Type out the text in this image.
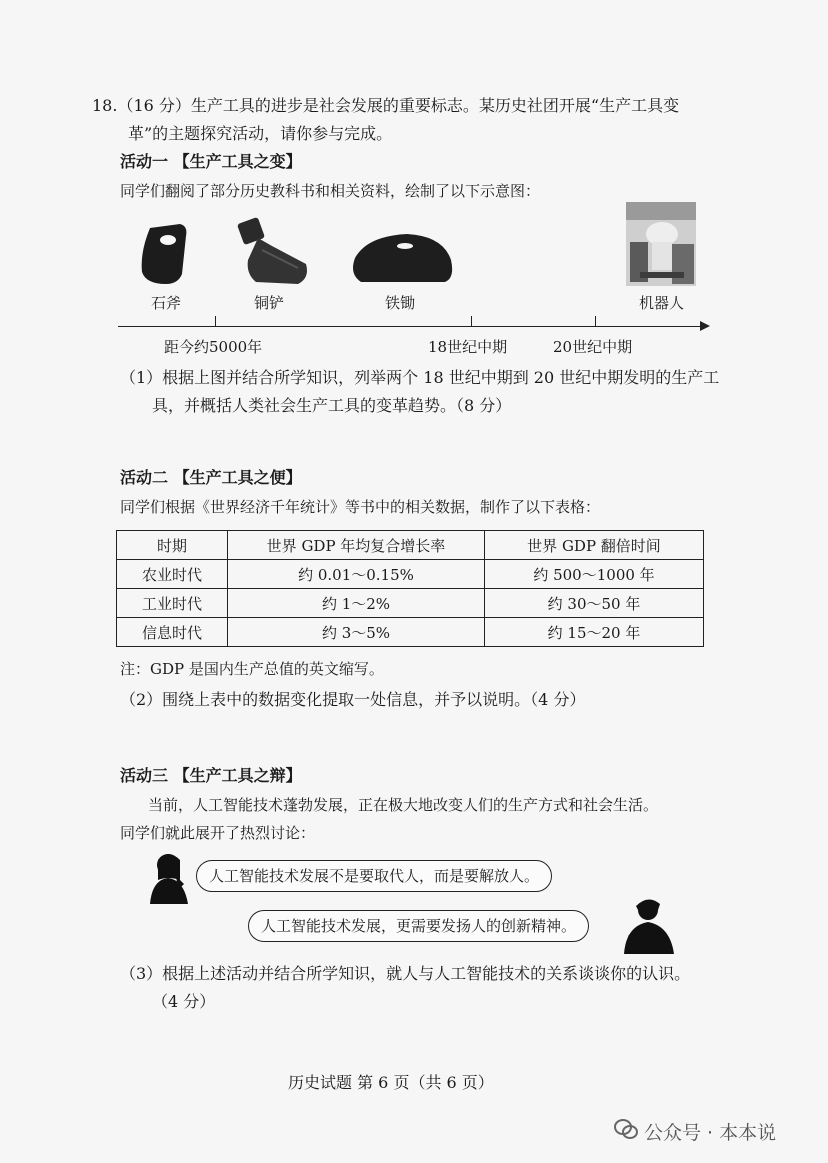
18.（16 分）生产工具的进步是社会发展的重要标志。某历史社团开展“生产工具变
革”的主题探究活动，请你参与完成。
活动一 【生产工具之变】
同学们翻阅了部分历史教科书和相关资料，绘制了以下示意图：
石斧	铜铲	铁锄	机器人
距今约5000年	18世纪中期	20世纪中期
（1）根据上图并结合所学知识，列举两个 18 世纪中期到 20 世纪中期发明的生产工
具，并概括人类社会生产工具的变革趋势。（8 分）
活动二 【生产工具之便】
同学们根据《世界经济千年统计》等书中的相关数据，制作了以下表格：
时期	世界 GDP 年均复合增长率	世界 GDP 翻倍时间
农业时代	约 0.01～0.15%	约 500～1000 年
工业时代	约 1～2%	约 30～50 年
信息时代	约 3～5%	约 15～20 年
注：GDP 是国内生产总值的英文缩写。
（2）围绕上表中的数据变化提取一处信息，并予以说明。（4 分）
活动三 【生产工具之辩】
当前，人工智能技术蓬勃发展，正在极大地改变人们的生产方式和社会生活。
同学们就此展开了热烈讨论：
人工智能技术发展不是要取代人，而是要解放人。
人工智能技术发展，更需要发扬人的创新精神。
（3）根据上述活动并结合所学知识，就人与人工智能技术的关系谈谈你的认识。
（4 分）
历史试题 第 6 页（共 6 页）
公众号 · 本本说
